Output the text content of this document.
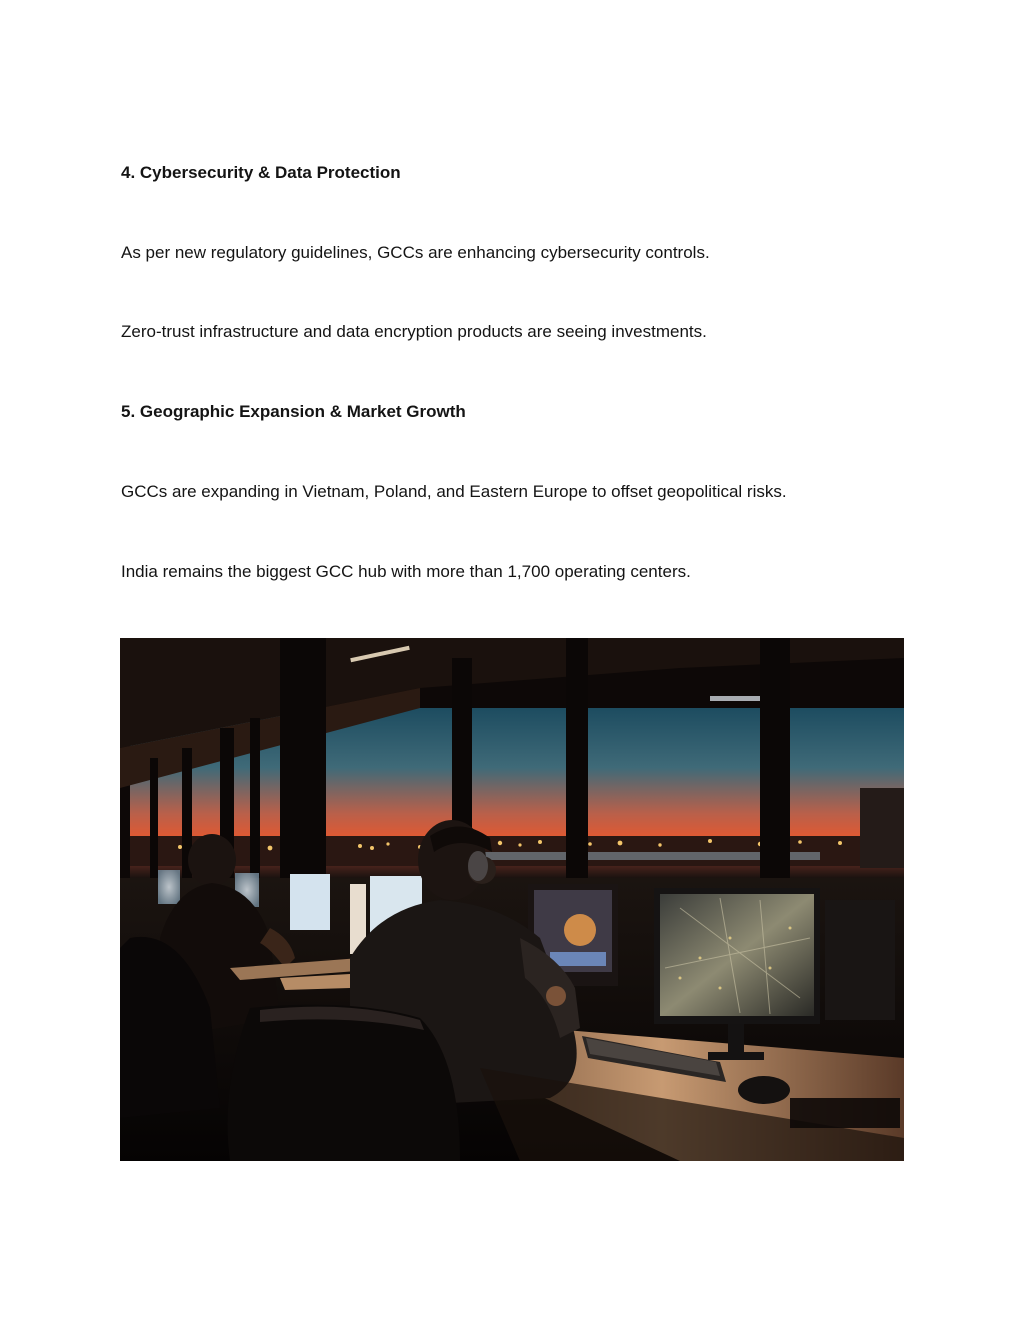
4. Cybersecurity & Data Protection
As per new regulatory guidelines, GCCs are enhancing cybersecurity controls.
Zero-trust infrastructure and data encryption products are seeing investments.
5. Geographic Expansion & Market Growth
GCCs are expanding in Vietnam, Poland, and Eastern Europe to offset geopolitical risks.
India remains the biggest GCC hub with more than 1,700 operating centers.
